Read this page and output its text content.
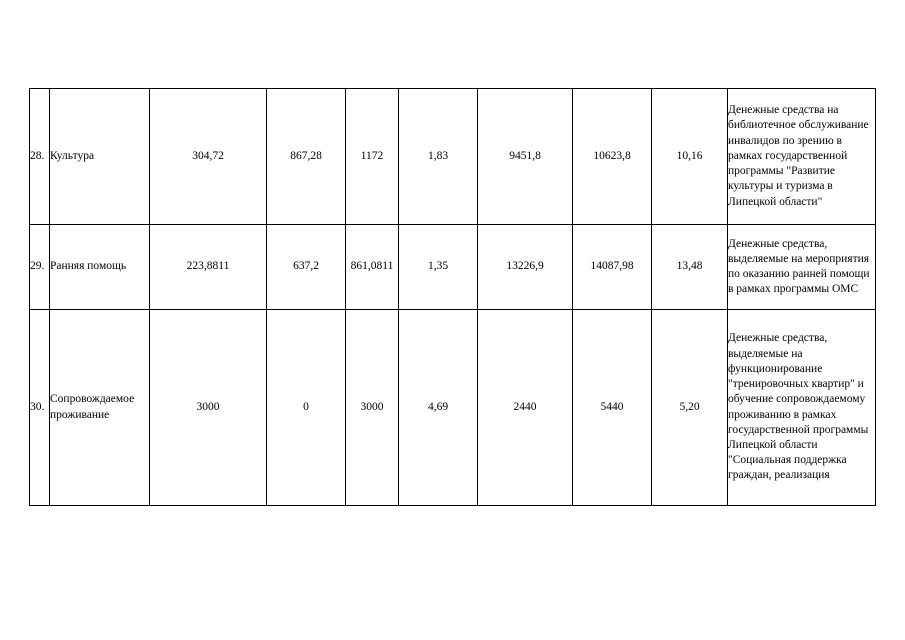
28.	Культура	304,72	867,28	1172	1,83	9451,8	10623,8	10,16	Денежные средства на библиотечное обслуживание инвалидов по зрению в рамках государственной программы "Развитие культуры и туризма в Липецкой области"
29.	Ранняя помощь	223,8811	637,2	861,0811	1,35	13226,9	14087,98	13,48	Денежные средства, выделяемые на мероприятия по оказанию ранней помощи в рамках программы ОМС
30.	Сопровождаемое проживание	3000	0	3000	4,69	2440	5440	5,20	Денежные средства, выделяемые на функционирование "тренировочных квартир" и обучение сопровождаемому проживанию в рамках государственной программы Липецкой области "Социальная поддержка граждан, реализация
